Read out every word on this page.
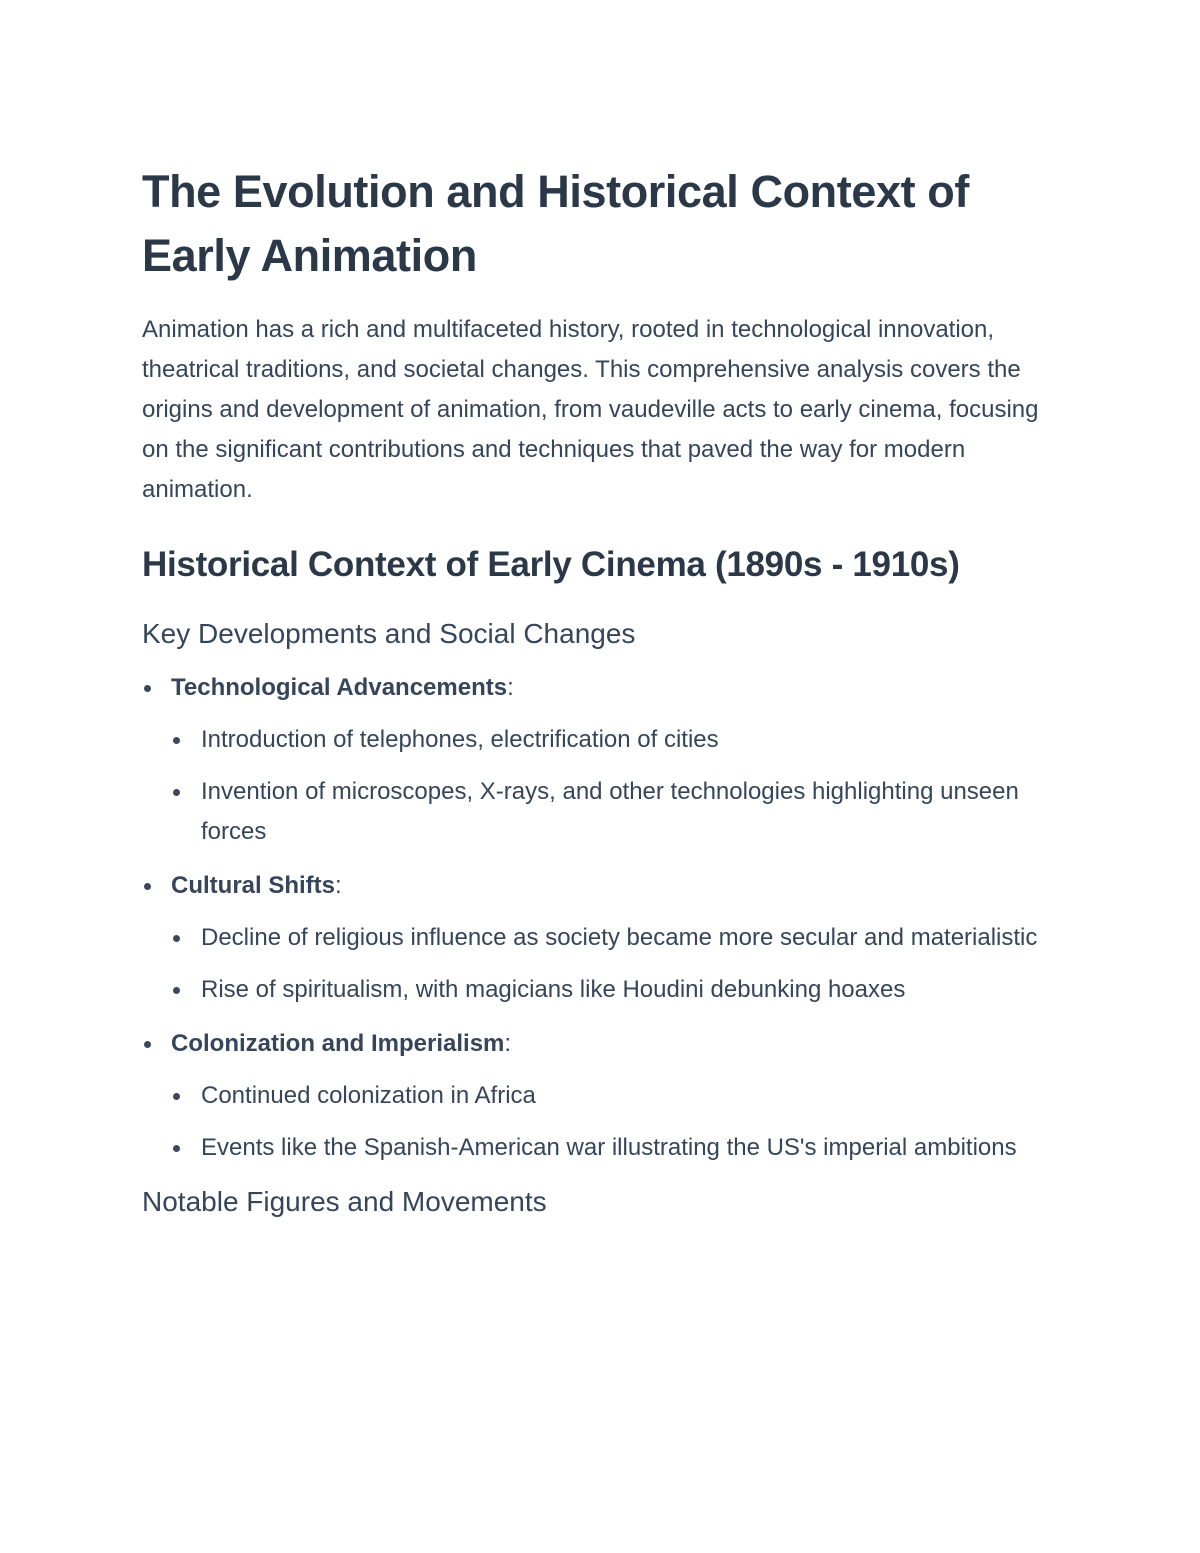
The Evolution and Historical Context of Early Animation

Animation has a rich and multifaceted history, rooted in technological innovation, theatrical traditions, and societal changes. This comprehensive analysis covers the origins and development of animation, from vaudeville acts to early cinema, focusing on the significant contributions and techniques that paved the way for modern animation.

Historical Context of Early Cinema (1890s - 1910s)
Key Developments and Social Changes
Technological Advancements:
Introduction of telephones, electrification of cities
Invention of microscopes, X-rays, and other technologies highlighting unseen forces
Cultural Shifts:
Decline of religious influence as society became more secular and materialistic
Rise of spiritualism, with magicians like Houdini debunking hoaxes
Colonization and Imperialism:
Continued colonization in Africa
Events like the Spanish-American war illustrating the US's imperial ambitions
Notable Figures and Movements
